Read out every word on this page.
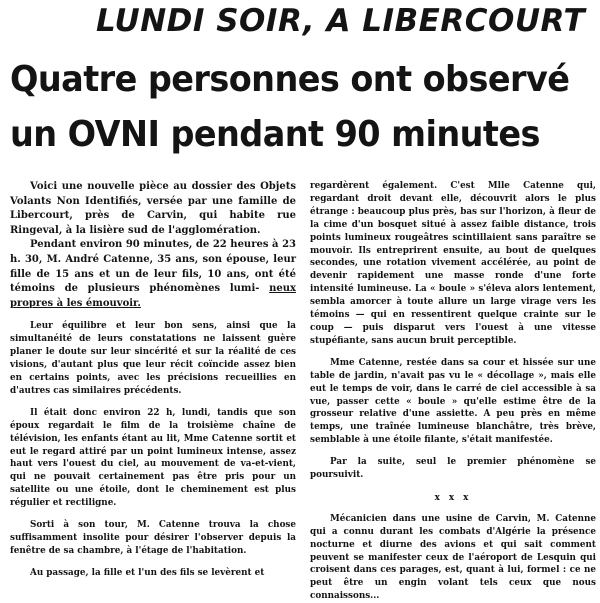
LUNDI SOIR, A LIBERCOURT
Quatre personnes ont observé
un OVNI pendant 90 minutes

Voici une nouvelle pièce au dossier des Objets Volants Non Identifiés, versée par une famille de Libercourt, près de Carvin, qui habite rue Ringeval, à la lisière sud de l'agglomération.

Pendant environ 90 minutes, de 22 heures à 23 h. 30, M. André Catenne, 35 ans, son épouse, leur fille de 15 ans et un de leur fils, 10 ans, ont été témoins de plusieurs phénomènes lumi- neux propres à les émouvoir.

Leur équilibre et leur bon sens, ainsi que la simultanéité de leurs constatations ne laissent guère planer le doute sur leur sincérité et sur la réalité de ces visions, d'autant plus que leur récit coïncide assez bien en certains points, avec les précisions recueillies en d'autres cas similaires précédents.

Il était donc environ 22 h, lundi, tandis que son époux regardait le film de la troisième chaîne de télévision, les enfants étant au lit, Mme Catenne sortit et eut le regard attiré par un point lumineux intense, assez haut vers l'ouest du ciel, au mouvement de va-et-vient, qui ne pouvait certainement pas être pris pour un satellite ou une étoile, dont le cheminement est plus régulier et rectiligne.

Sorti à son tour, M. Catenne trouva la chose suffisamment insolite pour désirer l'observer depuis la fenêtre de sa chambre, à l'étage de l'habitation.

Au passage, la fille et l'un des fils se levèrent et

regardèrent également. C'est Mlle Catenne qui, regardant droit devant elle, découvrit alors le plus étrange : beaucoup plus près, bas sur l'horizon, à fleur de la cime d'un bosquet situé à assez faible distance, trois points lumineux rougeâtres scintillaient sans paraître se mouvoir. Ils entreprirent ensuite, au bout de quelques secondes, une rotation vivement accélérée, au point de devenir rapidement une masse ronde d'une forte intensité lumineuse. La « boule » s'éleva alors lentement, sembla amorcer à toute allure un large virage vers les témoins — qui en ressentirent quelque crainte sur le coup — puis disparut vers l'ouest à une vitesse stupéfiante, sans aucun bruit perceptible.

Mme Catenne, restée dans sa cour et hissée sur une table de jardin, n'avait pas vu le « décollage », mais elle eut le temps de voir, dans le carré de ciel accessible à sa vue, passer cette « boule » qu'elle estime être de la grosseur relative d'une assiette. A peu près en même temps, une traînée lumineuse blanchâtre, très brève, semblable à une étoile filante, s'était manifestée.

Par la suite, seul le premier phénomène se poursuivit.

x x x

Mécanicien dans une usine de Carvin, M. Catenne qui a connu durant les combats d'Algérie la présence nocturne et diurne des avions et qui sait comment peuvent se manifester ceux de l'aéroport de Lesquin qui croisent dans ces parages, est, quant à lui, formel : ce ne peut être un engin volant tels ceux que nous connaissons...
